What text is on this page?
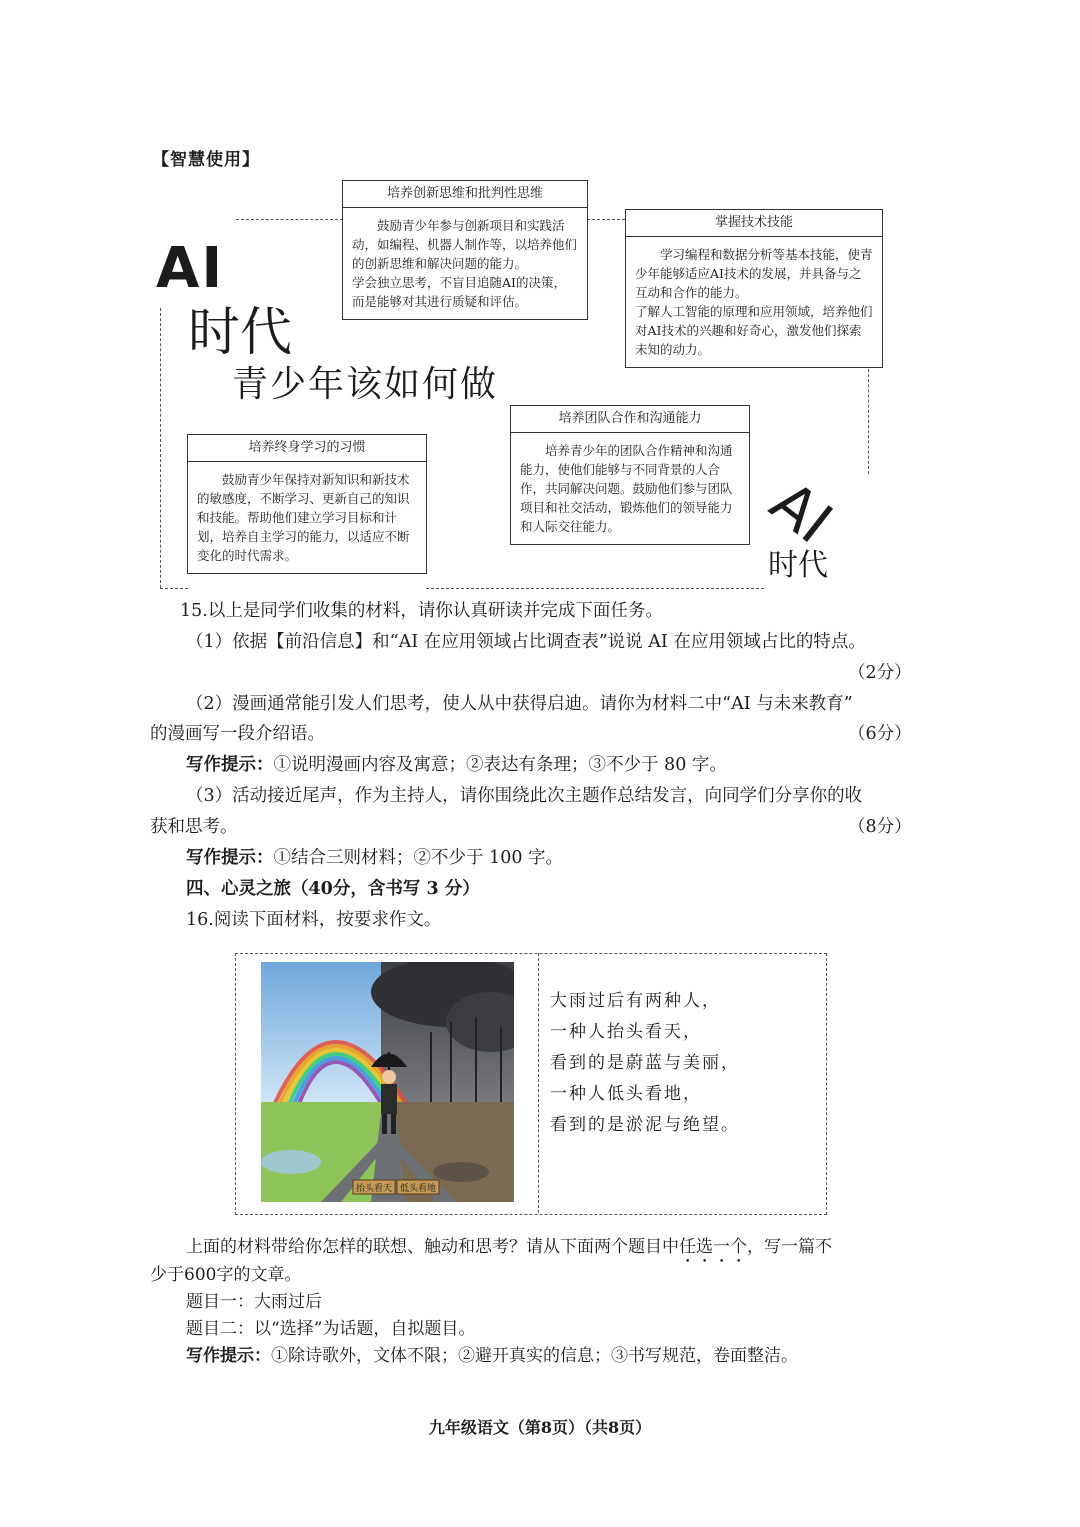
【智慧使用】
AI
时代
青少年该如何做
培养创新思维和批判性思维

鼓励青少年参与创新项目和实践活动，如编程、机器人制作等，以培养他们的创新思维和解决问题的能力。

学会独立思考，不盲目追随AI的决策，而是能够对其进行质疑和评估。

掌握技术技能

学习编程和数据分析等基本技能，使青少年能够适应AI技术的发展，并具备与之互动和合作的能力。

了解人工智能的原理和应用领域，培养他们对AI技术的兴趣和好奇心，激发他们探索未知的动力。

培养团队合作和沟通能力

培养青少年的团队合作精神和沟通能力，使他们能够与不同背景的人合作，共同解决问题。鼓励他们参与团队项目和社交活动，锻炼他们的领导能力和人际交往能力。

培养终身学习的习惯

鼓励青少年保持对新知识和新技术的敏感度，不断学习、更新自己的知识和技能。帮助他们建立学习目标和计划，培养自主学习的能力，以适应不断变化的时代需求。	AI
时代
15.以上是同学们收集的材料，请你认真研读并完成下面任务。
（1）依据【前沿信息】和“AI 在应用领域占比调查表”说说 AI 在应用领域占比的特点。
（2分）
（2）漫画通常能引发人们思考，使人从中获得启迪。请你为材料二中“AI 与未来教育”
的漫画写一段介绍语。	（6分）
写作提示：①说明漫画内容及寓意；②表达有条理；③不少于 80 字。
（3）活动接近尾声，作为主持人，请你围绕此次主题作总结发言，向同学们分享你的收
获和思考。	（8分）
写作提示：①结合三则材料；②不少于 100 字。
四、心灵之旅（40分，含书写 3 分）
16.阅读下面材料，按要求作文。
抬头看天 低头看地
大雨过后有两种人，
一种人抬头看天，
看到的是蔚蓝与美丽，
一种人低头看地，
看到的是淤泥与绝望。
上面的材料带给你怎样的联想、触动和思考？请从下面两个题目中任选一个，写一篇不
少于600字的文章。
题目一：大雨过后
题目二：以“选择”为话题，自拟题目。
写作提示：①除诗歌外，文体不限；②避开真实的信息；③书写规范，卷面整洁。
九年级语文（第8页）（共8页）
